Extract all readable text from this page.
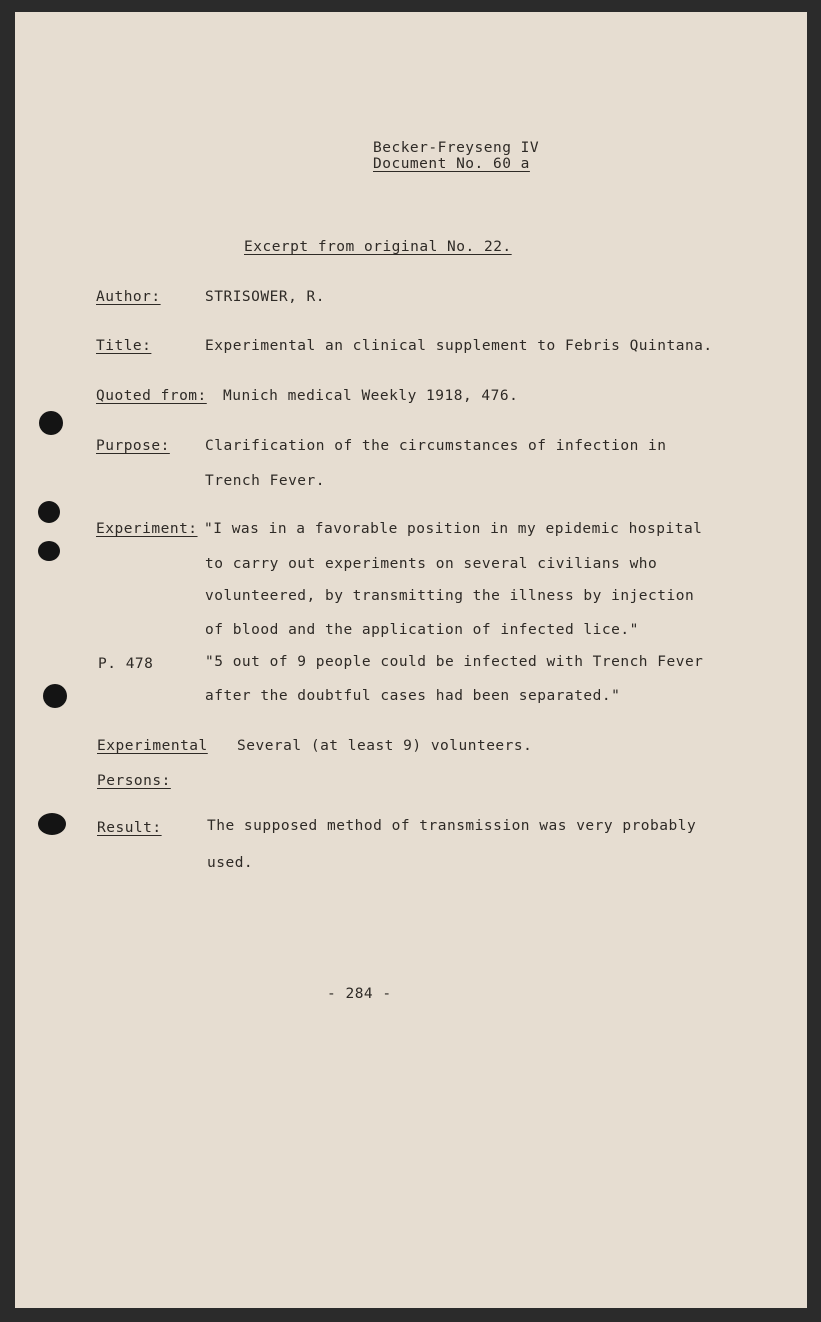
Becker-Freyseng IV
Document No. 60 a
Excerpt from original No. 22.
Author:	STRISOWER, R.
Title:	Experimental an clinical supplement to Febris Quintana.
Quoted from: Munich medical Weekly 1918, 476.
Purpose: Clarification of the circumstances of infection in
Trench Fever.
Experiment: "I was in a favorable position in my epidemic hospital
to carry out experiments on several civilians who
volunteered, by transmitting the illness by injection
of blood and the application of infected lice."
P. 478	"5 out of 9 people could be infected with Trench Fever
after the doubtful cases had been separated."
Experimental
Persons:
Several (at least 9) volunteers.
Result:	The supposed method of transmission was very probably
used.
- 284 -
